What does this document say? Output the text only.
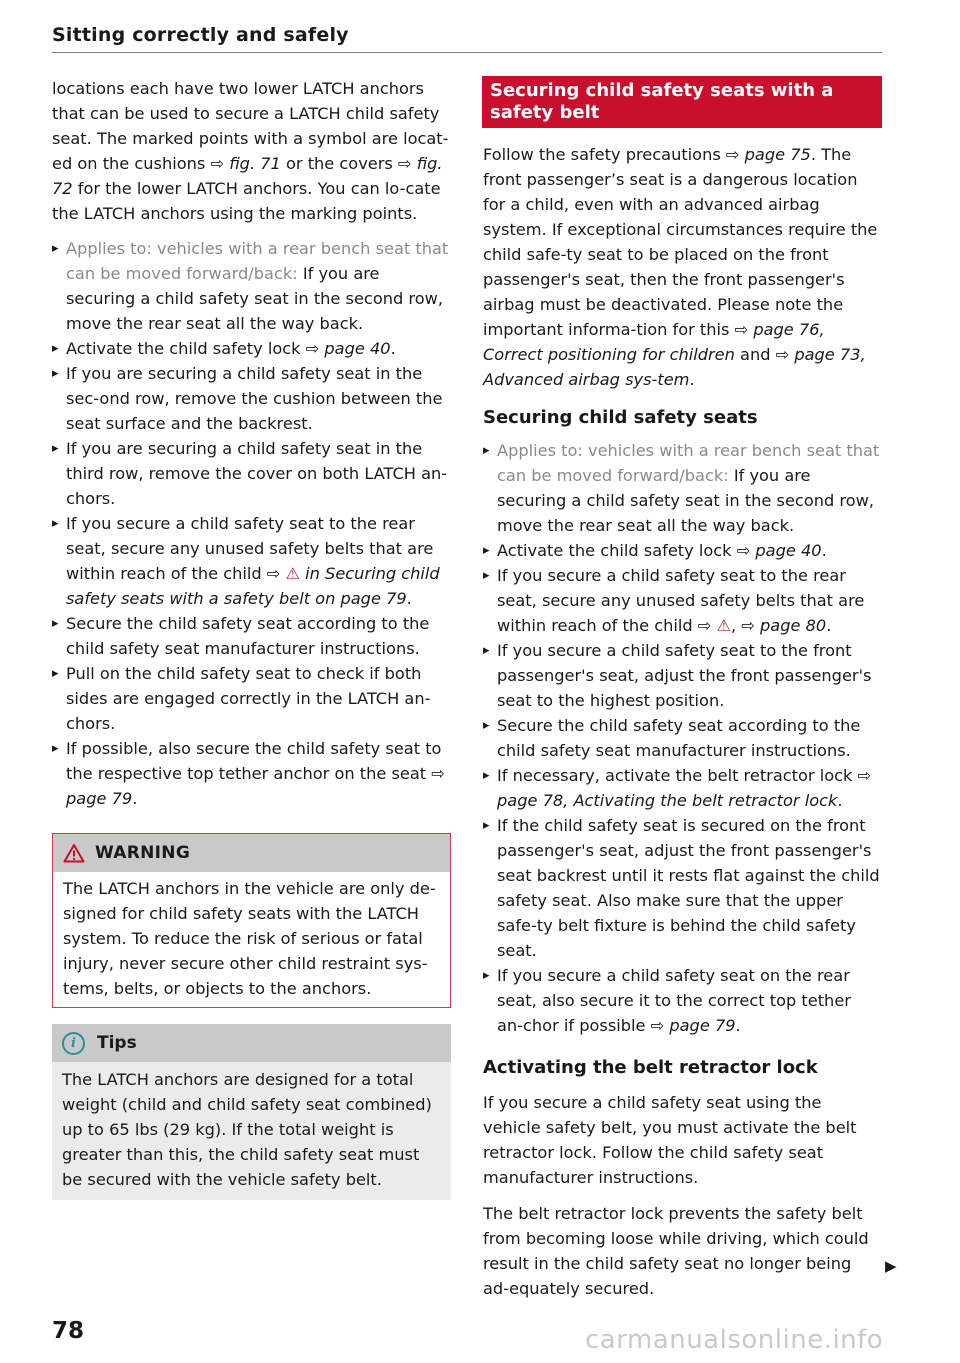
Sitting correctly and safely

locations each have two lower LATCH anchors that can be used to secure a LATCH child safety seat. The marked points with a symbol are locat-ed on the cushions ⇨ fig. 71 or the covers ⇨ fig. 72 for the lower LATCH anchors. You can lo-cate the LATCH anchors using the marking points.

▸ Applies to: vehicles with a rear bench seat that can be moved forward/back: If you are securing a child safety seat in the second row, move the rear seat all the way back.
▸ Activate the child safety lock ⇨ page 40.
▸ If you are securing a child safety seat in the sec-ond row, remove the cushion between the seat surface and the backrest.
▸ If you are securing a child safety seat in the third row, remove the cover on both LATCH an-chors.
▸ If you secure a child safety seat to the rear seat, secure any unused safety belts that are within reach of the child ⇨ ⚠ in Securing child safety seats with a safety belt on page 79.
▸ Secure the child safety seat according to the child safety seat manufacturer instructions.
▸ Pull on the child safety seat to check if both sides are engaged correctly in the LATCH an-chors.
▸ If possible, also secure the child safety seat to the respective top tether anchor on the seat ⇨ page 79.
WARNING
The LATCH anchors in the vehicle are only de-signed for child safety seats with the LATCH system. To reduce the risk of serious or fatal injury, never secure other child restraint sys-tems, belts, or objects to the anchors.
i	Tips
The LATCH anchors are designed for a total weight (child and child safety seat combined) up to 65 lbs (29 kg). If the total weight is greater than this, the child safety seat must be secured with the vehicle safety belt.
Securing child safety seats with a safety belt

Follow the safety precautions ⇨ page 75. The front passenger’s seat is a dangerous location for a child, even with an advanced airbag system. If exceptional circumstances require the child safe-ty seat to be placed on the front passenger's seat, then the front passenger's airbag must be deactivated. Please note the important informa-tion for this ⇨ page 76, Correct positioning for children and ⇨ page 73, Advanced airbag sys-tem.

Securing child safety seats
▸ Applies to: vehicles with a rear bench seat that can be moved forward/back: If you are securing a child safety seat in the second row, move the rear seat all the way back.
▸ Activate the child safety lock ⇨ page 40.
▸ If you secure a child safety seat to the rear seat, secure any unused safety belts that are within reach of the child ⇨ ⚠, ⇨ page 80.
▸ If you secure a child safety seat to the front passenger's seat, adjust the front passenger's seat to the highest position.
▸ Secure the child safety seat according to the child safety seat manufacturer instructions.
▸ If necessary, activate the belt retractor lock ⇨ page 78, Activating the belt retractor lock.
▸ If the child safety seat is secured on the front passenger's seat, adjust the front passenger's seat backrest until it rests flat against the child safety seat. Also make sure that the upper safe-ty belt fixture is behind the child safety seat.
▸ If you secure a child safety seat on the rear seat, also secure it to the correct top tether an-chor if possible ⇨ page 79.
Activating the belt retractor lock

If you secure a child safety seat using the vehicle safety belt, you must activate the belt retractor lock. Follow the child safety seat manufacturer instructions.

The belt retractor lock prevents the safety belt from becoming loose while driving, which could result in the child safety seat no longer being ad-equately secured.

▶
78	carmanualsonline.info
